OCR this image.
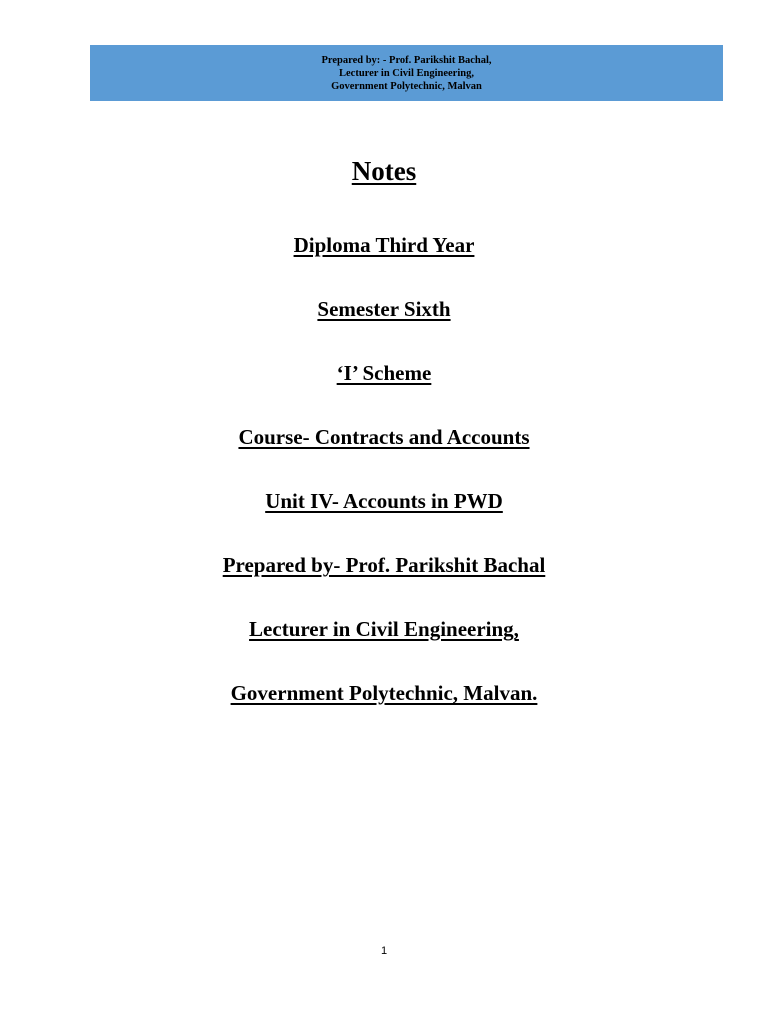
Prepared by: - Prof. Parikshit Bachal,
Lecturer in Civil Engineering,
Government Polytechnic, Malvan
Notes
Diploma Third Year
Semester Sixth
‘I’ Scheme
Course- Contracts and Accounts
Unit IV- Accounts in PWD
Prepared by- Prof. Parikshit Bachal
Lecturer in Civil Engineering,
Government Polytechnic, Malvan.
1
